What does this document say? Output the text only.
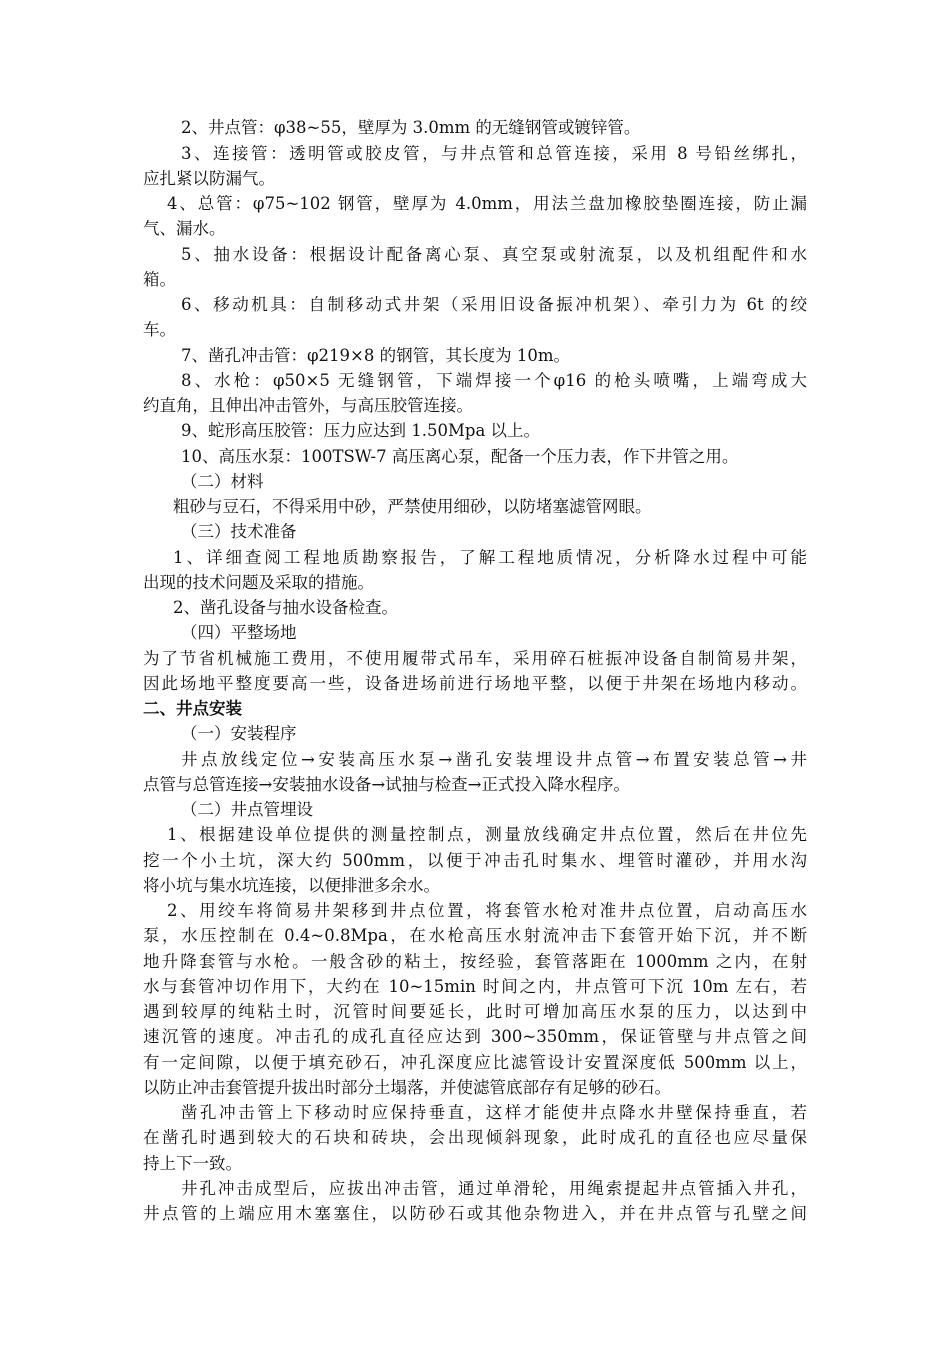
2、井点管：φ38~55，壁厚为 3.0mm 的无缝钢管或镀锌管。
3、连接管：透明管或胶皮管，与井点管和总管连接，采用 8 号铅丝绑扎，
应扎紧以防漏气。
4、总管：φ75~102 钢管，壁厚为 4.0mm，用法兰盘加橡胶垫圈连接，防止漏
气、漏水。
5、抽水设备：根据设计配备离心泵、真空泵或射流泵，以及机组配件和水
箱。
6、移动机具：自制移动式井架（采用旧设备振冲机架）、牵引力为 6t 的绞
车。
7、凿孔冲击管：φ219×8 的钢管，其长度为 10m。
8、水枪：φ50×5 无缝钢管，下端焊接一个φ16 的枪头喷嘴，上端弯成大
约直角，且伸出冲击管外，与高压胶管连接。
9、蛇形高压胶管：压力应达到 1.50Mpa 以上。
10、高压水泵：100TSW-7 高压离心泵，配备一个压力表，作下井管之用。
（二）材料
粗砂与豆石，不得采用中砂，严禁使用细砂，以防堵塞滤管网眼。
（三）技术准备
1、详细查阅工程地质勘察报告，了解工程地质情况，分析降水过程中可能
出现的技术问题及采取的措施。
2、凿孔设备与抽水设备检查。
（四）平整场地
为了节省机械施工费用，不使用履带式吊车，采用碎石桩振冲设备自制简易井架，
因此场地平整度要高一些，设备进场前进行场地平整，以便于井架在场地内移动。
二、井点安装
（一）安装程序
井点放线定位→安装高压水泵→凿孔安装埋设井点管→布置安装总管→井
点管与总管连接→安装抽水设备→试抽与检查→正式投入降水程序。
（二）井点管埋设
1、根据建设单位提供的测量控制点，测量放线确定井点位置，然后在井位先
挖一个小土坑，深大约 500mm，以便于冲击孔时集水、埋管时灌砂，并用水沟
将小坑与集水坑连接，以便排泄多余水。
2、用绞车将简易井架移到井点位置，将套管水枪对准井点位置，启动高压水
泵，水压控制在 0.4~0.8Mpa，在水枪高压水射流冲击下套管开始下沉，并不断
地升降套管与水枪。一般含砂的粘土，按经验，套管落距在 1000mm 之内，在射
水与套管冲切作用下，大约在 10~15min 时间之内，井点管可下沉 10m 左右，若
遇到较厚的纯粘土时，沉管时间要延长，此时可增加高压水泵的压力，以达到中
速沉管的速度。冲击孔的成孔直径应达到 300~350mm，保证管壁与井点管之间
有一定间隙，以便于填充砂石，冲孔深度应比滤管设计安置深度低 500mm 以上，
以防止冲击套管提升拔出时部分土塌落，并使滤管底部存有足够的砂石。
凿孔冲击管上下移动时应保持垂直，这样才能使井点降水井壁保持垂直，若
在凿孔时遇到较大的石块和砖块，会出现倾斜现象，此时成孔的直径也应尽量保
持上下一致。
井孔冲击成型后，应拔出冲击管，通过单滑轮，用绳索提起井点管插入井孔，
井点管的上端应用木塞塞住，以防砂石或其他杂物进入，并在井点管与孔壁之间
